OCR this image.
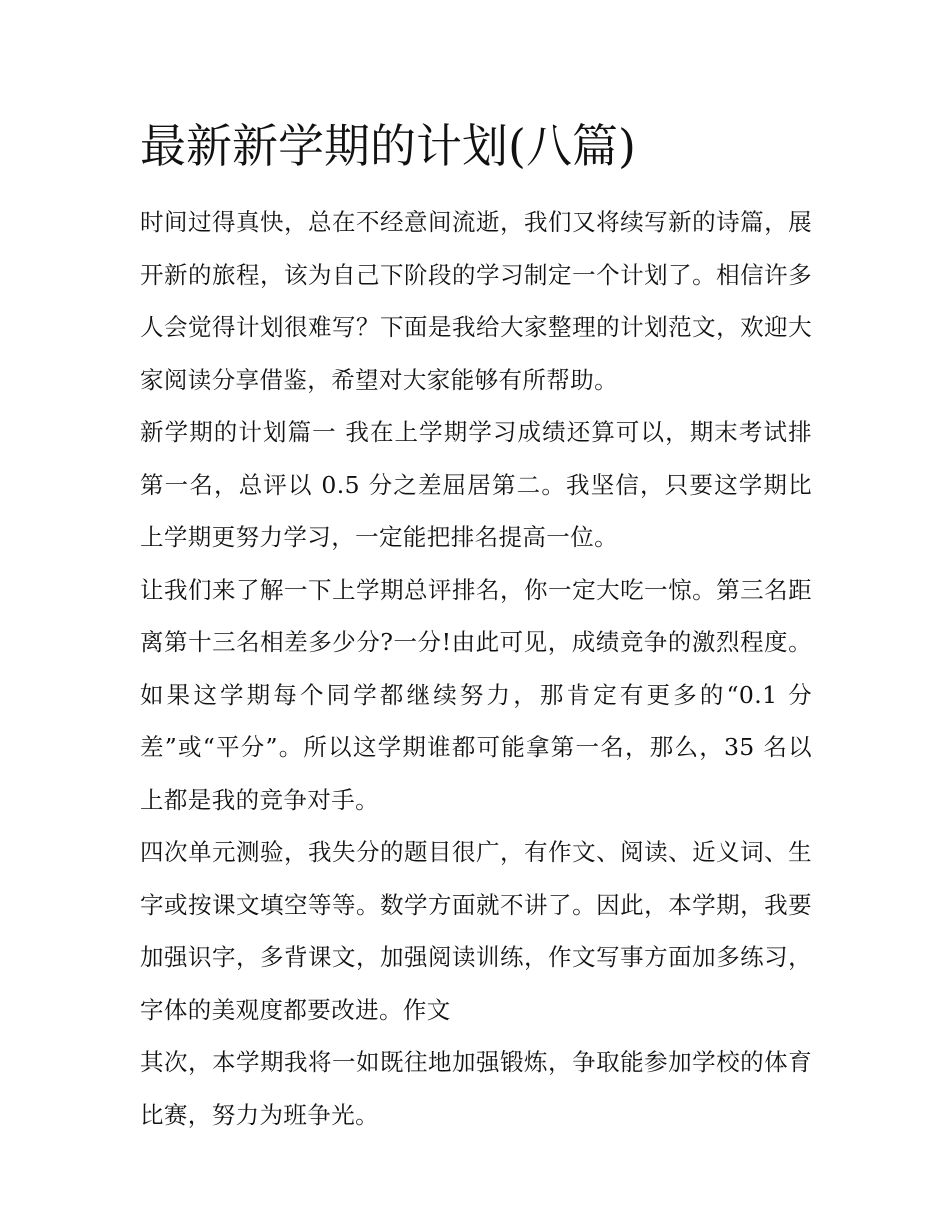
最新新学期的计划(八篇)

时间过得真快，总在不经意间流逝，我们又将续写新的诗篇，展开新的旅程，该为自己下阶段的学习制定一个计划了。相信许多人会觉得计划很难写？下面是我给大家整理的计划范文，欢迎大家阅读分享借鉴，希望对大家能够有所帮助。

新学期的计划篇一 我在上学期学习成绩还算可以，期末考试排第一名，总评以 0.5 分之差屈居第二。我坚信，只要这学期比上学期更努力学习，一定能把排名提高一位。

让我们来了解一下上学期总评排名，你一定大吃一惊。第三名距离第十三名相差多少分?一分!由此可见，成绩竞争的激烈程度。如果这学期每个同学都继续努力，那肯定有更多的“0.1 分差”或“平分”。所以这学期谁都可能拿第一名，那么，35 名以上都是我的竞争对手。

四次单元测验，我失分的题目很广，有作文、阅读、近义词、生字或按课文填空等等。数学方面就不讲了。因此，本学期，我要加强识字，多背课文，加强阅读训练，作文写事方面加多练习，字体的美观度都要改进。作文

其次，本学期我将一如既往地加强锻炼，争取能参加学校的体育比赛，努力为班争光。
